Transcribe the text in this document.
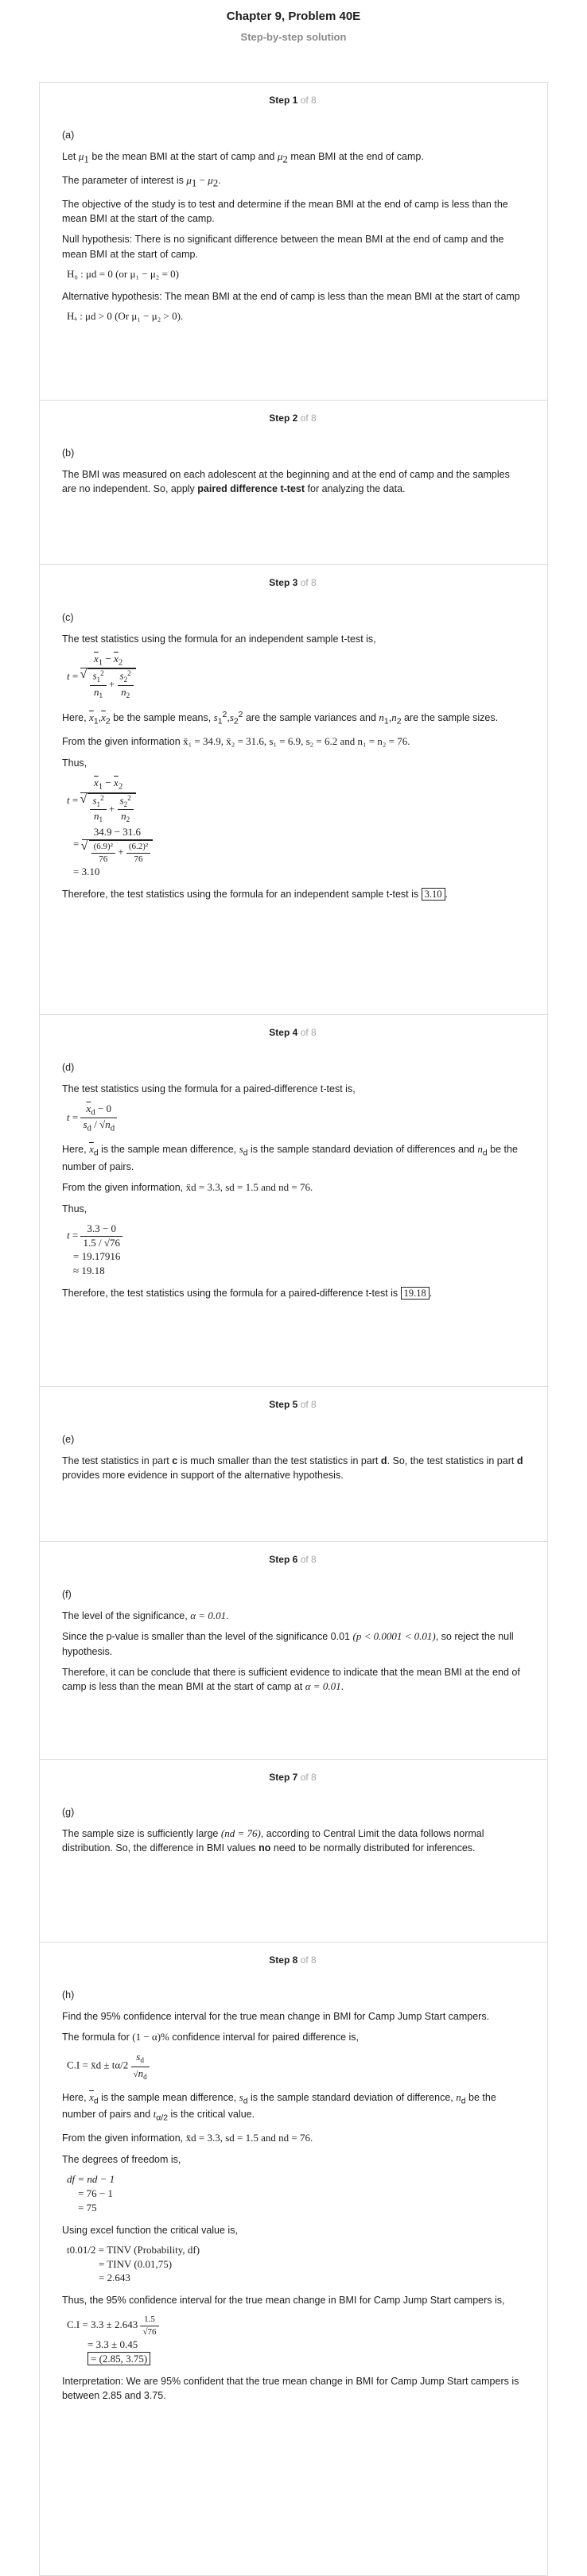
Chapter 9, Problem 40E
Step-by-step solution
Step 1 of 8

(a)

Let $\mu_1$ be the mean BMI at the start of camp and $\mu_2$ mean BMI at the end of camp.

The parameter of interest is $\mu_1 - \mu_2$.

The objective of the study is to test and determine if the mean BMI at the end of camp is less than the mean BMI at the start of the camp.

Null hypothesis: There is no significant difference between the mean BMI at the end of camp and the mean BMI at the start of camp.

H₀ : μd = 0 (or μ₁ − μ₂ = 0)

Alternative hypothesis: The mean BMI at the end of camp is less than the mean BMI at the start of camp

Hₐ : μd > 0 (Or μ₁ − μ₂ > 0).
Step 2 of 8

(b)

The BMI was measured on each adolescent at the beginning and at the end of camp and the samples are no independent. So, apply paired difference t-test for analyzing the data.

Step 3 of 8

(c)

The test statistics using the formula for an independent sample t-test is,

$t = \overline{x}_1 - \overline{x}_2$
√ $\frac{s_1^2}{n_1} + \frac{s_2^2}{n_2}$

Here, $\overline{x}_1,\overline{x}_2$ be the sample means, $s_1^2,s_2^2$ are the sample variances and $n_1,n_2$ are the sample sizes.

From the given information x̄₁ = 34.9, x̄₂ = 31.6, s₁ = 6.9, s₂ = 6.2 and n₁ = n₂ = 76.

Thus,

$t = \overline{x}_1 - \overline{x}_2$
√ $\frac{s_1^2}{n_1} + \frac{s_2^2}{n_2}$
= 34.9 − 31.6
√ $\frac{\text{(6.9)²}}{76} + \frac{\text{(6.2)²}}{76}$
= 3.10

Therefore, the test statistics using the formula for an independent sample t-test is 3.10 .

Step 4 of 8

(d)

The test statistics using the formula for a paired-difference t-test is,

$t = \frac{\overline{x}_d - 0}{s_d / √n_d}$

Here, $\overline{x}_d$ is the sample mean difference, $s_d$ is the sample standard deviation of differences and $n_d$ be the number of pairs.

From the given information, x̄d = 3.3, sd = 1.5 and nd = 76.

Thus,

$t = \frac{3.3 - 0}{1.5 / √76}$
= 19.17916
≈ 19.18

Therefore, the test statistics using the formula for a paired-difference t-test is 19.18 .

Step 5 of 8

(e)

The test statistics in part c is much smaller than the test statistics in part d. So, the test statistics in part d provides more evidence in support of the alternative hypothesis.

Step 6 of 8

(f)

The level of the significance, α = 0.01.

Since the p-value is smaller than the level of the significance 0.01 (p < 0.0001 < 0.01), so reject the null hypothesis.

Therefore, it can be conclude that there is sufficient evidence to indicate that the mean BMI at the end of camp is less than the mean BMI at the start of camp at α = 0.01.

Step 7 of 8

(g)

The sample size is sufficiently large (nd = 76), according to Central Limit the data follows normal distribution. So, the difference in BMI values no need to be normally distributed for inferences.

Step 8 of 8

(h)

Find the 95% confidence interval for the true mean change in BMI for Camp Jump Start campers.

The formula for (1 − α)% confidence interval for paired difference is,

C.I = x̄d ± $t\alpha/2 \frac{s_d}{√n_d}$

Here, $\overline{x}_d$ is the sample mean difference, $s_d$ is the sample standard deviation of difference, $n_d$ be the number of pairs and $t_{\alpha/2}$ is the critical value.

From the given information, x̄d = 3.3, sd = 1.5 and nd = 76.

The degrees of freedom is,

df = nd − 1
= 76 − 1
= 75

Using excel function the critical value is,

t0.01/2 = TINV (Probability, df)
= TINV (0.01,75)
= 2.643

Thus, the 95% confidence interval for the true mean change in BMI for Camp Jump Start campers is,

$C.I = 3.3 \pm 2.643 \frac{1.5}{√76}$
= 3.3 ± 0.45
= (2.85, 3.75)

Interpretation: We are 95% confident that the true mean change in BMI for Camp Jump Start campers is between 2.85 and 3.75.
